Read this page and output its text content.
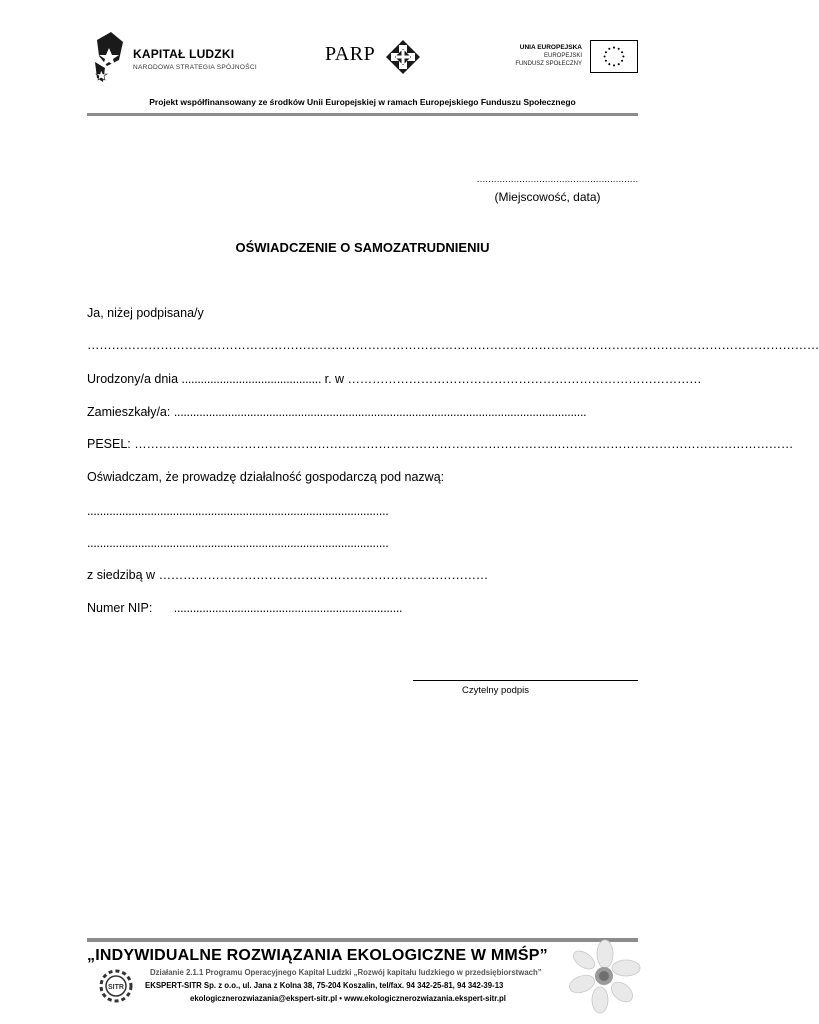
KAPITAŁ LUDZKI
NARODOWA STRATEGIA SPÓJNOŚCI
PARP	UNIA EUROPEJSKA
EUROPEJSKI
FUNDUSZ SPOŁECZNY
Projekt współfinansowany ze środków Unii Europejskiej w ramach Europejskiego Funduszu Społecznego
…………………………………………………
(Miejscowość, data)
OŚWIADCZENIE O SAMOZATRUDNIENIU
Ja, niżej podpisana/y
………………………………………………………………………………………………………………………………………………………………
Urodzony/a dnia ............................................ r. w ……………………………………………………………………………
Zamieszkały/a: ..................................................................................................................................
PESEL: ………………………………………………………………………………………………………………………………………………
Oświadczam, że prowadzę działalność gospodarczą pod nazwą:
...............................................................................................
...............................................................................................
z siedzibą w ………………………………………………………………………
Numer NIP: ........................................................................
Czytelny podpis
„INDYWIDUALNE ROZWIĄZANIA EKOLOGICZNE W MMŚP”
SITR
Działanie 2.1.1 Programu Operacyjnego Kapitał Ludzki „Rozwój kapitału ludzkiego w przedsiębiorstwach”
EKSPERT-SITR Sp. z o.o., ul. Jana z Kolna 38, 75-204 Koszalin, tel/fax. 94 342-25-81, 94 342-39-13
ekologicznerozwiazania@ekspert-sitr.pl • www.ekologicznerozwiazania.ekspert-sitr.pl
